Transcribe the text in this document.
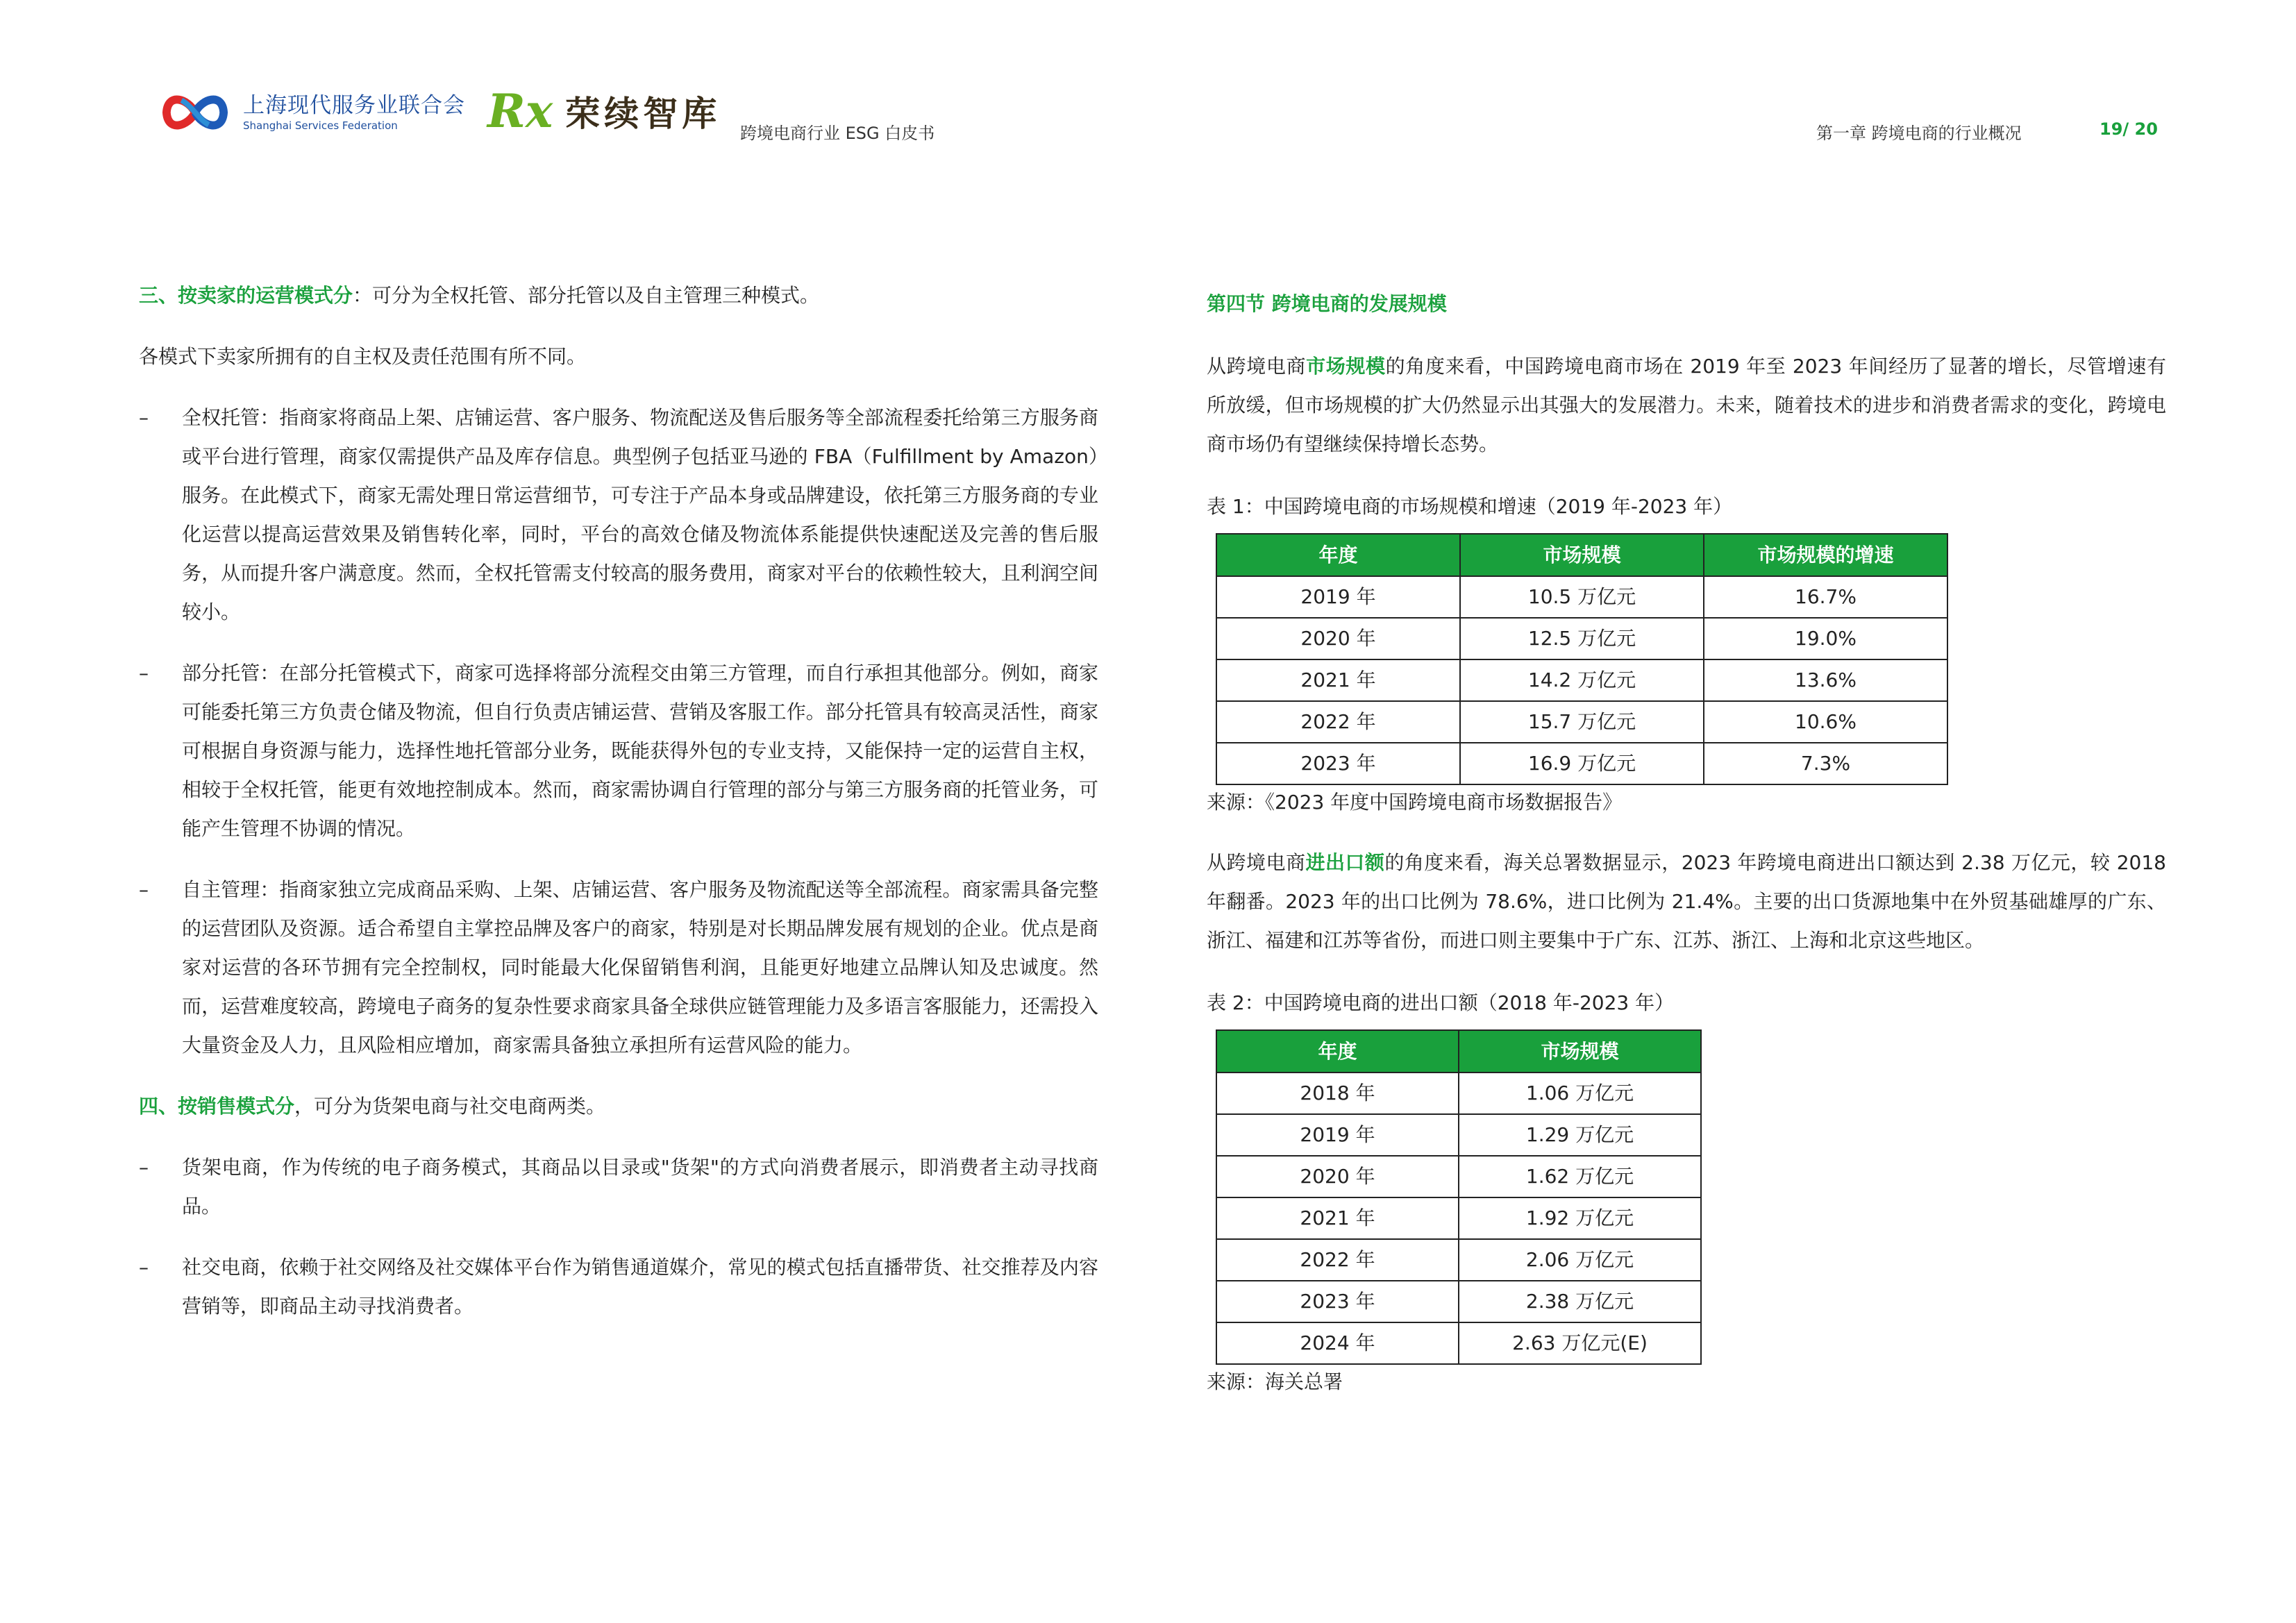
上海现代服务业联合会
Shanghai Services Federation	Rx 荣续智库 跨境电商行业 ESG 白皮书	第一章 跨境电商的行业概况	19/ 20

三、按卖家的运营模式分：可分为全权托管、部分托管以及自主管理三种模式。

各模式下卖家所拥有的自主权及责任范围有所不同。

–	全权托管：指商家将商品上架、店铺运营、客户服务、物流配送及售后服务等全部流程委托给第三方服务商或平台进行管理，商家仅需提供产品及库存信息。典型例子包括亚马逊的 FBA（Fulfillment by Amazon）服务。在此模式下，商家无需处理日常运营细节，可专注于产品本身或品牌建设，依托第三方服务商的专业化运营以提高运营效果及销售转化率，同时，平台的高效仓储及物流体系能提供快速配送及完善的售后服务，从而提升客户满意度。然而，全权托管需支付较高的服务费用，商家对平台的依赖性较大，且利润空间较小。
–	部分托管：在部分托管模式下，商家可选择将部分流程交由第三方管理，而自行承担其他部分。例如，商家可能委托第三方负责仓储及物流，但自行负责店铺运营、营销及客服工作。部分托管具有较高灵活性，商家可根据自身资源与能力，选择性地托管部分业务，既能获得外包的专业支持，又能保持一定的运营自主权，相较于全权托管，能更有效地控制成本。然而，商家需协调自行管理的部分与第三方服务商的托管业务，可能产生管理不协调的情况。
–	自主管理：指商家独立完成商品采购、上架、店铺运营、客户服务及物流配送等全部流程。商家需具备完整的运营团队及资源。适合希望自主掌控品牌及客户的商家，特别是对长期品牌发展有规划的企业。优点是商家对运营的各环节拥有完全控制权，同时能最大化保留销售利润，且能更好地建立品牌认知及忠诚度。然而，运营难度较高，跨境电子商务的复杂性要求商家具备全球供应链管理能力及多语言客服能力，还需投入大量资金及人力，且风险相应增加，商家需具备独立承担所有运营风险的能力。

四、按销售模式分，可分为货架电商与社交电商两类。

–	货架电商，作为传统的电子商务模式，其商品以目录或"货架"的方式向消费者展示，即消费者主动寻找商品。
–	社交电商，依赖于社交网络及社交媒体平台作为销售通道媒介，常见的模式包括直播带货、社交推荐及内容营销等，即商品主动寻找消费者。

第四节 跨境电商的发展规模

从跨境电商市场规模的角度来看，中国跨境电商市场在 2019 年至 2023 年间经历了显著的增长，尽管增速有所放缓，但市场规模的扩大仍然显示出其强大的发展潜力。未来，随着技术的进步和消费者需求的变化，跨境电商市场仍有望继续保持增长态势。

表 1：中国跨境电商的市场规模和增速（2019 年-2023 年）

年度	市场规模	市场规模的增速
2019 年	10.5 万亿元	16.7%
2020 年	12.5 万亿元	19.0%
2021 年	14.2 万亿元	13.6%
2022 年	15.7 万亿元	10.6%
2023 年	16.9 万亿元	7.3%

来源：《2023 年度中国跨境电商市场数据报告》

从跨境电商进出口额的角度来看，海关总署数据显示，2023 年跨境电商进出口额达到 2.38 万亿元，较 2018 年翻番。2023 年的出口比例为 78.6%，进口比例为 21.4%。主要的出口货源地集中在外贸基础雄厚的广东、浙江、福建和江苏等省份，而进口则主要集中于广东、江苏、浙江、上海和北京这些地区。

表 2：中国跨境电商的进出口额（2018 年-2023 年）

年度	市场规模
2018 年	1.06 万亿元
2019 年	1.29 万亿元
2020 年	1.62 万亿元
2021 年	1.92 万亿元
2022 年	2.06 万亿元
2023 年	2.38 万亿元
2024 年	2.63 万亿元(E)

来源：海关总署
